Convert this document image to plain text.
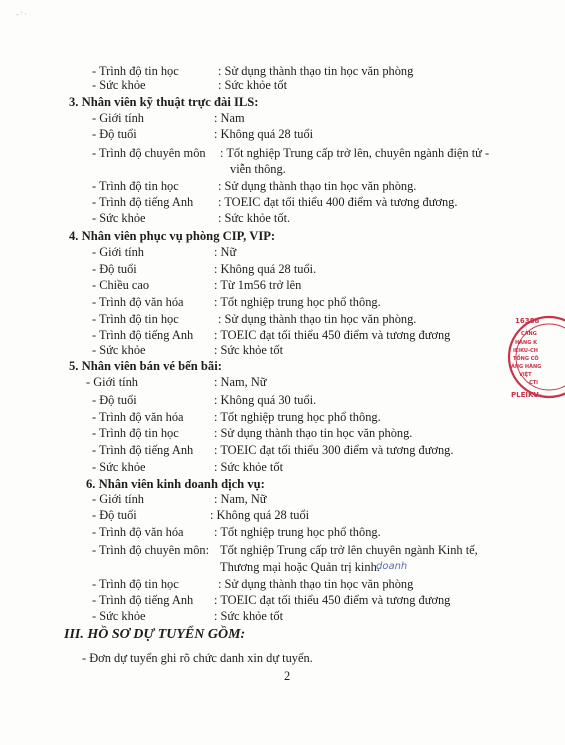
- ' ·
- Trình độ tin học	: Sử dụng thành thạo tin học văn phòng
- Sức khỏe	: Sức khỏe tốt
3. Nhân viên kỹ thuật trực đài ILS:
- Giới tính	: Nam
- Độ tuổi	: Không quá 28 tuổi
- Trình độ chuyên môn : Tốt nghiệp Trung cấp trở lên, chuyên ngành điện tử -
viễn thông.
- Trình độ tin học	: Sử dụng thành thạo tin học văn phòng.
- Trình độ tiếng Anh : TOEIC đạt tối thiểu 400 điểm và tương đương.
- Sức khỏe	: Sức khỏe tốt.
4. Nhân viên phục vụ phòng CIP, VIP:
- Giới tính	: Nữ
- Độ tuổi	: Không quá 28 tuổi.
- Chiều cao	: Từ 1m56 trở lên
- Trình độ văn hóa : Tốt nghiệp trung học phổ thông.
- Trình độ tin học	: Sử dụng thành thạo tin học văn phòng.
- Trình độ tiếng Anh : TOEIC đạt tối thiểu 450 điểm và tương đương
- Sức khỏe	: Sức khỏe tốt
5. Nhân viên bán vé bến bãi:
- Giới tính	: Nam, Nữ
- Độ tuổi	: Không quá 30 tuổi.
- Trình độ văn hóa : Tốt nghiệp trung học phổ thông.
- Trình độ tin học	: Sử dụng thành thạo tin học văn phòng.
- Trình độ tiếng Anh : TOEIC đạt tối thiểu 300 điểm và tương đương.
- Sức khỏe	: Sức khỏe tốt
6. Nhân viên kinh doanh dịch vụ:
- Giới tính	: Nam, Nữ
- Độ tuổi	: Không quá 28 tuổi
- Trình độ văn hóa : Tốt nghiệp trung học phổ thông.
- Trình độ chuyên môn: Tốt nghiệp Trung cấp trở lên chuyên ngành Kinh tế,
Thương mại hoặc Quản trị kinh.
doanh
- Trình độ tin học	: Sử dụng thành thạo tin học văn phòng
- Trình độ tiếng Anh : TOEIC đạt tối thiểu 450 điểm và tương đương
- Sức khỏe	: Sức khỏe tốt
III. HỒ SƠ DỰ TUYỂN GỒM:
- Đơn dự tuyển ghi rõ chức danh xin dự tuyển.
2
16388
CẢNG
HÀNG K
IEIKU-CH
TỔNG CÔ
ẢNG HÀNG
VIỆT
-CTI
PLEIKU-
